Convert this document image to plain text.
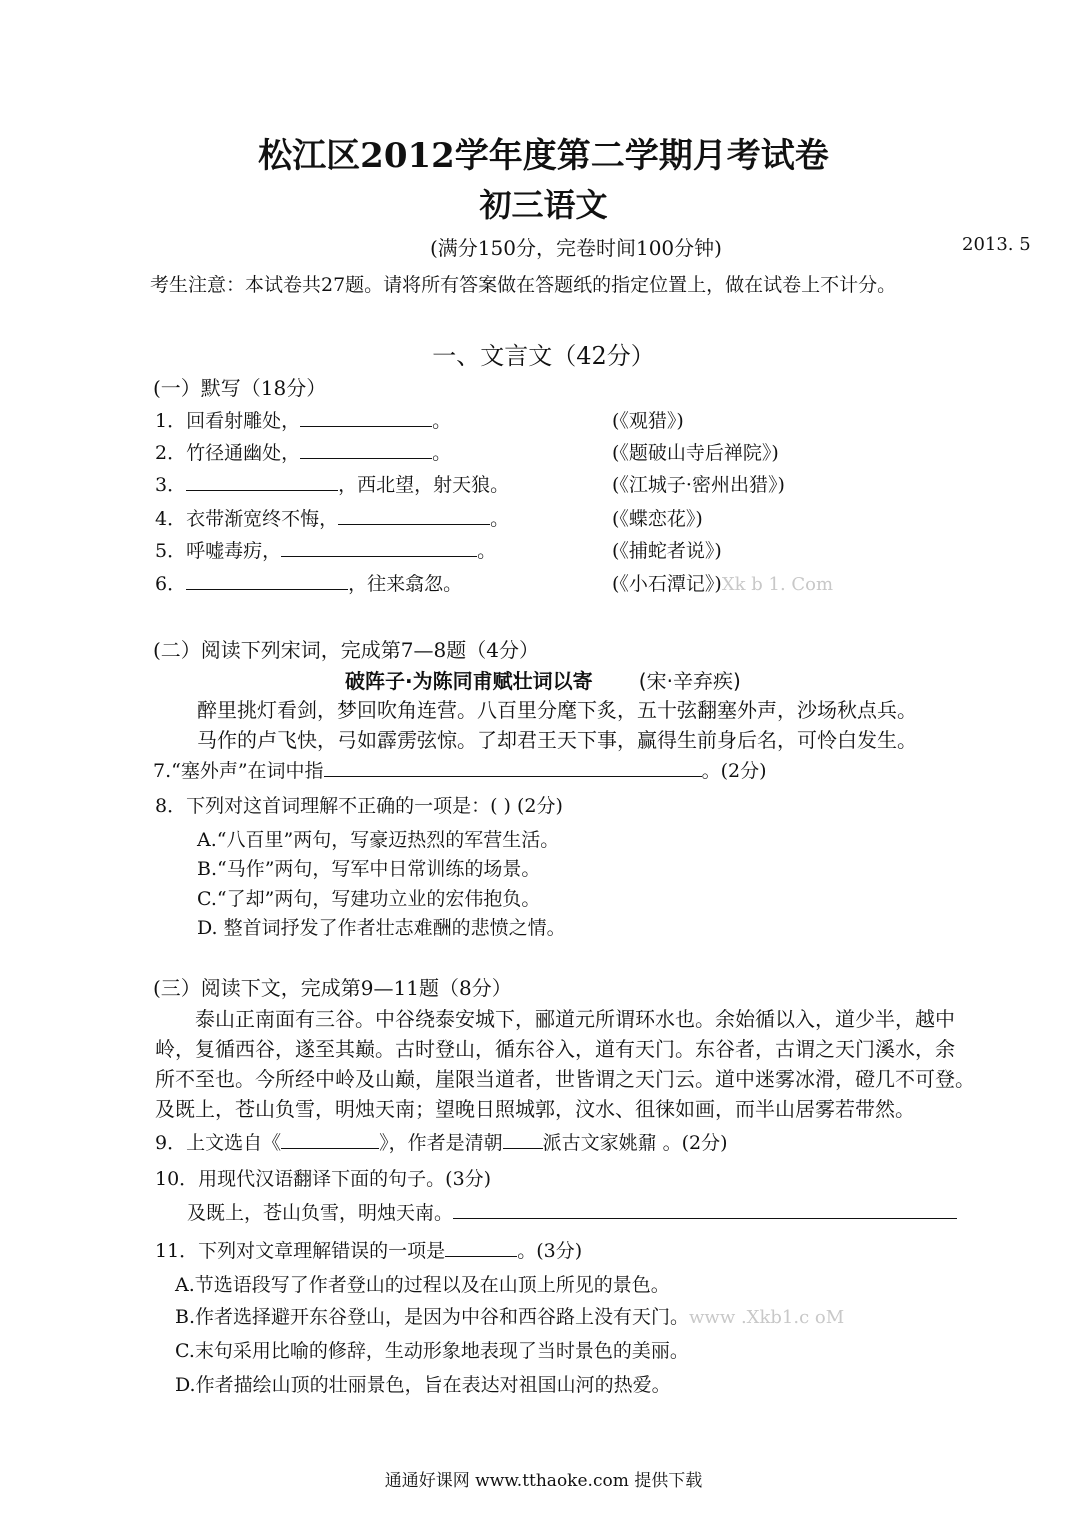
松江区2012学年度第二学期月考试卷
初三语文
(满分150分，完卷时间100分钟)	2013. 5
考生注意：本试卷共27题。请将所有答案做在答题纸的指定位置上，做在试卷上不计分。
一、文言文（42分）
(一）默写（18分）
1．回看射雕处，	。	(《观猎》)
2．竹径通幽处，	。	(《题破山寺后禅院》)
3．	，西北望，射天狼。	(《江城子·密州出猎》)
4．衣带渐宽终不悔，	。	(《蝶恋花》)
5．呼嘘毒疠，	。	(《捕蛇者说》)
6．	，往来翕忽。	(《小石潭记》)Xk b 1. Com
(二）阅读下列宋词，完成第7—8题（4分）
破阵子·为陈同甫赋壮词以寄 (宋·辛弃疾)
醉里挑灯看剑，梦回吹角连营。八百里分麾下炙，五十弦翻塞外声，沙场秋点兵。
马作的卢飞快，弓如霹雳弦惊。了却君王天下事，赢得生前身后名，可怜白发生。
7.“塞外声”在词中指	。(2分)
8．下列对这首词理解不正确的一项是：( ) (2分)
A.“八百里”两句，写豪迈热烈的军营生活。
B.“马作”两句，写军中日常训练的场景。
C.“了却”两句，写建功立业的宏伟抱负。
D. 整首词抒发了作者壮志难酬的悲愤之情。
(三）阅读下文，完成第9—11题（8分）
泰山正南面有三谷。中谷绕泰安城下，郦道元所谓环水也。余始循以入，道少半，越中
岭，复循西谷，遂至其巅。古时登山，循东谷入，道有天门。东谷者，古谓之天门溪水，余
所不至也。今所经中岭及山巅，崖限当道者，世皆谓之天门云。道中迷雾冰滑，磴几不可登。
及既上，苍山负雪，明烛天南；望晚日照城郭，汶水、徂徕如画，而半山居雾若带然。
9．上文选自《	》，作者是清朝 派古文家姚鼐 。(2分)
10．用现代汉语翻译下面的句子。(3分)
及既上，苍山负雪，明烛天南。
11．下列对文章理解错误的一项是	。(3分)
A.节选语段写了作者登山的过程以及在山顶上所见的景色。
B.作者选择避开东谷登山，是因为中谷和西谷路上没有天门。www .Xkb1.c oM
C.末句采用比喻的修辞，生动形象地表现了当时景色的美丽。
D.作者描绘山顶的壮丽景色，旨在表达对祖国山河的热爱。
通通好课网 www.tthaoke.com 提供下载
